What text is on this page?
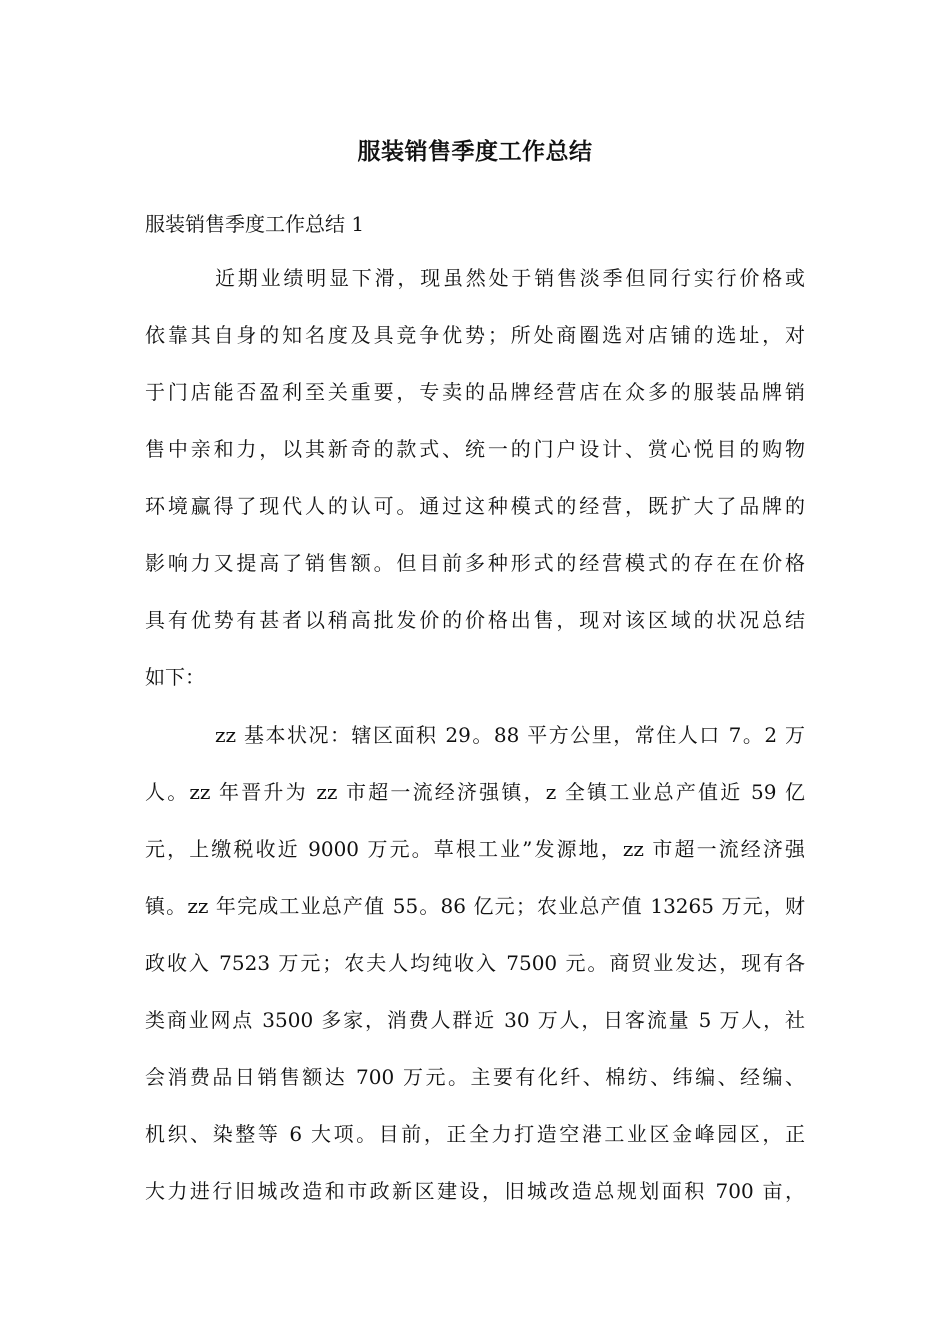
服装销售季度工作总结

服装销售季度工作总结 1

近期业绩明显下滑，现虽然处于销售淡季但同行实行价格或
依靠其自身的知名度及具竞争优势；所处商圈选对店铺的选址，对
于门店能否盈利至关重要，专卖的品牌经营店在众多的服装品牌销
售中亲和力，以其新奇的款式、统一的门户设计、赏心悦目的购物
环境赢得了现代人的认可。通过这种模式的经营，既扩大了品牌的
影响力又提高了销售额。但目前多种形式的经营模式的存在在价格
具有优势有甚者以稍高批发价的价格出售，现对该区域的状况总结
如下：
zz 基本状况：辖区面积 29。88 平方公里，常住人口 7。2 万
人。zz 年晋升为 zz 市超一流经济强镇，z 全镇工业总产值近 59 亿
元，上缴税收近 9000 万元。草根工业”发源地，zz 市超一流经济强
镇。zz 年完成工业总产值 55。86 亿元；农业总产值 13265 万元，财
政收入 7523 万元；农夫人均纯收入 7500 元。商贸业发达，现有各
类商业网点 3500 多家，消费人群近 30 万人，日客流量 5 万人，社
会消费品日销售额达 700 万元。主要有化纤、棉纺、纬编、经编、
机织、染整等 6 大项。目前，正全力打造空港工业区金峰园区，正
大力进行旧城改造和市政新区建设，旧城改造总规划面积 700 亩，
